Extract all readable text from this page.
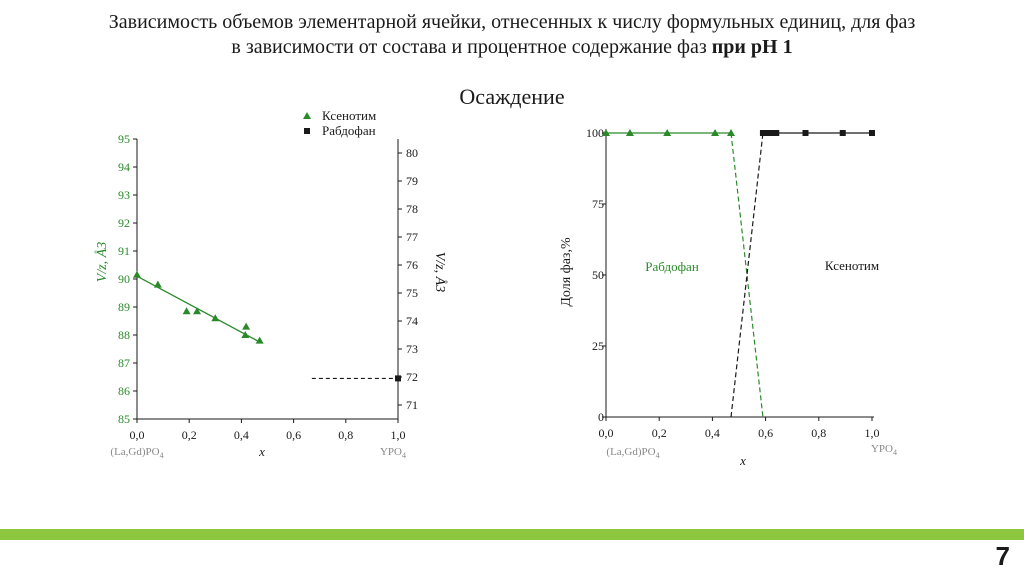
Зависимость объемов элементарной ячейки, отнесенных к числу формульных единиц, для фаз
в зависимости от состава и процентное содержание фаз при pH 1
Осаждение
85
86
87
88
89
90
91
92
93
94
95
71
72
73
74
75
76
77
78
79
80
0,0	0,2	0,4	0,6	0,8	1,0
x
$(La,Gd)PO_4$	$YPO_4$
V/z, Å3	V/z, Å3
Ксенотим
Рабдофан
0
25
50
75
100
0,0	0,2	0,4	0,6	0,8	1,0
x
$(La,Gd)PO_4$
$YPO_4$
Доля фаз,%	Рабдофан	Ксенотим
7
